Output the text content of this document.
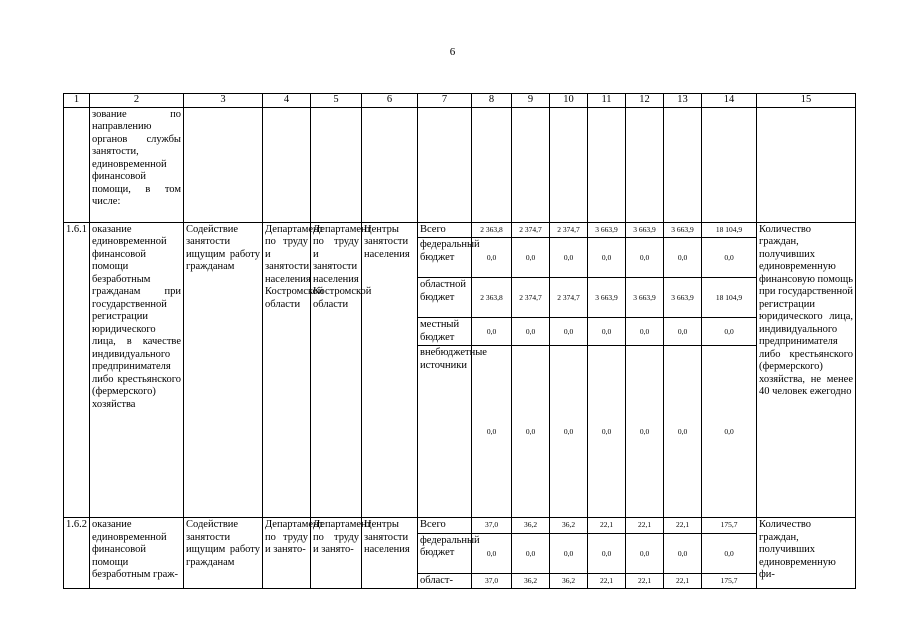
6
1	2	3	4	5	6	7	8	9	10	11	12	13	14	15
	зование по направлению органов службы занятости, единовременной финансовой помощи, в том числе:													
1.6.1	оказание единовременной финансовой помощи безработным гражданам при государственной регистрации юридического лица, в качестве индивидуального предпринимателя либо крестьянского (фермерского) хозяйства	Содействие занятости ищущим работу гражданам	Департамент по труду и занятости населения Костромской области	Департамент по труду и занятости населения Костромской области	Центры занятости населения	Всего	2 363,8	2 374,7	2 374,7	3 663,9	3 663,9	3 663,9	18 104,9	Количество граждан, получивших единовременную финансовую помощь при государственной регистрации юридического лица, индивидуального предпринимателя либо крестьянского (фермерского) хозяйства, не менее 40 человек ежегодно
						федеральный бюджет	0,0	0,0	0,0	0,0	0,0	0,0	0,0	
						областной бюджет	2 363,8	2 374,7	2 374,7	3 663,9	3 663,9	3 663,9	18 104,9	
						местный бюджет	0,0	0,0	0,0	0,0	0,0	0,0	0,0	
						внебюджетные источники	0,0	0,0	0,0	0,0	0,0	0,0	0,0	
1.6.2	оказание единовременной финансовой помощи безработным граж-	Содействие занятости ищущим работу гражданам	Департамент по труду и занято-	Департамент по труду и занято-	Центры занятости населения	Всего	37,0	36,2	36,2	22,1	22,1	22,1	175,7	Количество граждан, получивших единовременную фи-
						федеральный бюджет	0,0	0,0	0,0	0,0	0,0	0,0	0,0	
						област-	37,0	36,2	36,2	22,1	22,1	22,1	175,7	
